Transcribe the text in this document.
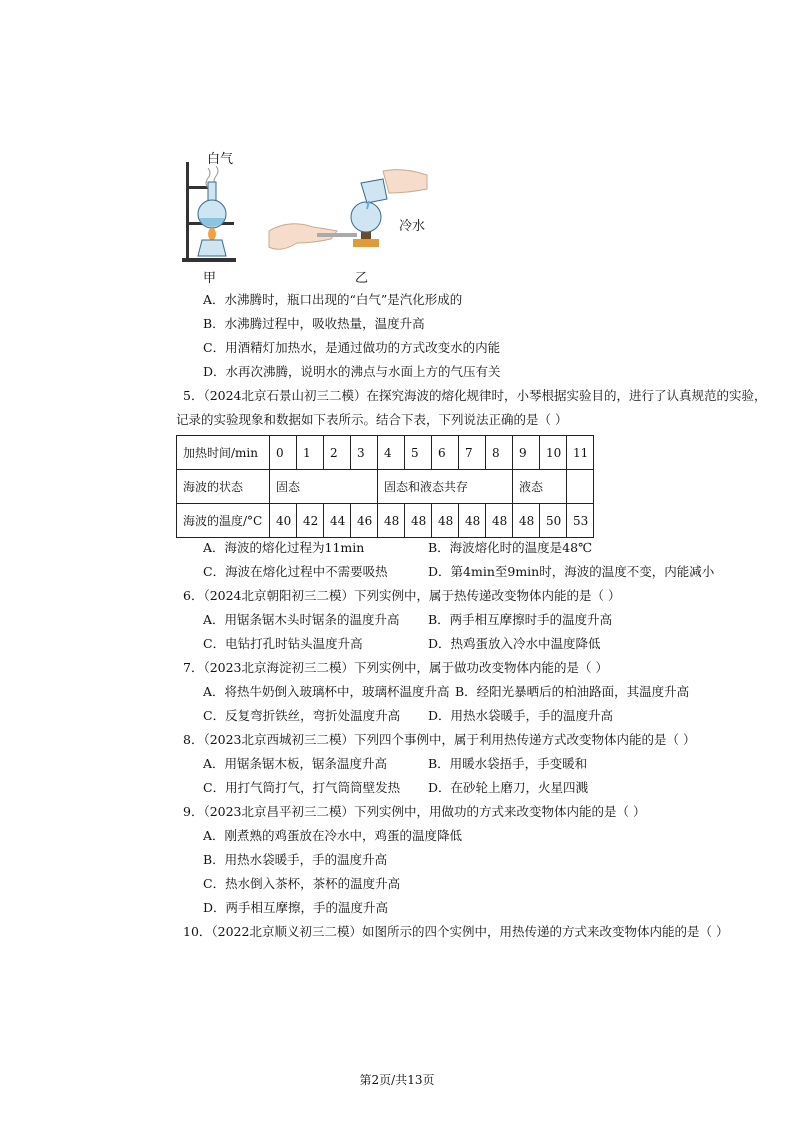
白气
甲
冷水
乙
A．水沸腾时，瓶口出现的“白气”是汽化形成的
B．水沸腾过程中，吸收热量，温度升高
C．用酒精灯加热水，是通过做功的方式改变水的内能
D．水再次沸腾，说明水的沸点与水面上方的气压有关
5．（2024北京石景山初三二模）在探究海波的熔化规律时，小琴根据实验目的，进行了认真规范的实验，
记录的实验现象和数据如下表所示。结合下表，下列说法正确的是（ ）
加热时间/min	0	1	2	3	4	5	6	7	8	9	10	11
海波的状态	固态				固态和液态共存					液态		
海波的温度/°C	40	42	44	46	48	48	48	48	48	48	50	53
A．海波的熔化过程为11min	B．海波熔化时的温度是48℃
C．海波在熔化过程中不需要吸热	D．第4min至9min时，海波的温度不变，内能减小
6．（2024北京朝阳初三二模）下列实例中，属于热传递改变物体内能的是（ ）
A．用锯条锯木头时锯条的温度升高 B．两手相互摩擦时手的温度升高
C．电钻打孔时钻头温度升高	D．热鸡蛋放入冷水中温度降低
7．（2023北京海淀初三二模）下列实例中，属于做功改变物体内能的是（ ）
A．将热牛奶倒入玻璃杯中，玻璃杯温度升高 B．经阳光暴晒后的柏油路面，其温度升高
C．反复弯折铁丝，弯折处温度升高 D．用热水袋暖手，手的温度升高
8．（2023北京西城初三二模）下列四个事例中，属于利用热传递方式改变物体内能的是（ ）
A．用锯条锯木板，锯条温度升高	B．用暖水袋捂手，手变暖和
C．用打气筒打气，打气筒筒壁发热 D．在砂轮上磨刀，火星四溅
9．（2023北京昌平初三二模）下列实例中，用做功的方式来改变物体内能的是（ ）
A．刚煮熟的鸡蛋放在冷水中，鸡蛋的温度降低
B．用热水袋暖手，手的温度升高
C．热水倒入茶杯，茶杯的温度升高
D．两手相互摩擦，手的温度升高
10．（2022北京顺义初三二模）如图所示的四个实例中，用热传递的方式来改变物体内能的是（ ）
第2页/共13页
